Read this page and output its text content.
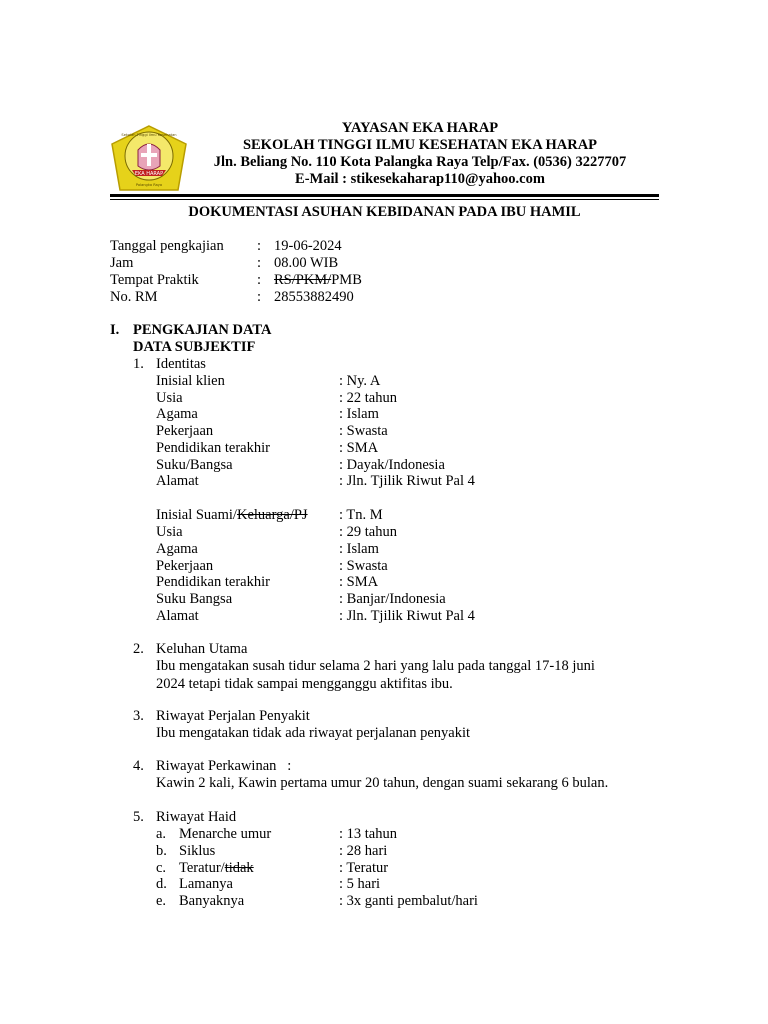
EKA HARAP
Sekolah Tinggi Ilmu Kesehatan
Palangka Raya
YAYASAN EKA HARAP
SEKOLAH TINGGI ILMU KESEHATAN EKA HARAP
Jln. Beliang No. 110 Kota Palangka Raya Telp/Fax. (0536) 3227707
E-Mail : stikesekaharap110@yahoo.com
DOKUMENTASI ASUHAN KEBIDANAN PADA IBU HAMIL
Tanggal pengkajian : 19-06-2024
Jam	: 08.00 WIB
Tempat Praktik	: RS/PKM/PMB
No. RM	: 28553882490
I. PENGKAJIAN DATA
DATA SUBJEKTIF
1. Identitas
Inisial klien	: Ny. A
Usia	: 22 tahun
Agama	: Islam
Pekerjaan	: Swasta
Pendidikan terakhir	: SMA
Suku/Bangsa	: Dayak/Indonesia
Alamat	: Jln. Tjilik Riwut Pal 4
Inisial Suami/Keluarga/PJ : Tn. M
Usia	: 29 tahun
Agama	: Islam
Pekerjaan	: Swasta
Pendidikan terakhir	: SMA
Suku Bangsa	: Banjar/Indonesia
Alamat	: Jln. Tjilik Riwut Pal 4
2. Keluhan Utama
Ibu mengatakan susah tidur selama 2 hari yang lalu pada tanggal 17-18 juni
2024 tetapi tidak sampai mengganggu aktifitas ibu.
3. Riwayat Perjalan Penyakit
Ibu mengatakan tidak ada riwayat perjalanan penyakit
4. Riwayat Perkawinan   :
Kawin 2 kali, Kawin pertama umur 20 tahun, dengan suami sekarang 6 bulan.
5. Riwayat Haid
a. Menarche umur	: 13 tahun
b. Siklus	: 28 hari
c. Teratur/tidak	: Teratur
d. Lamanya	: 5 hari
e. Banyaknya	: 3x ganti pembalut/hari
